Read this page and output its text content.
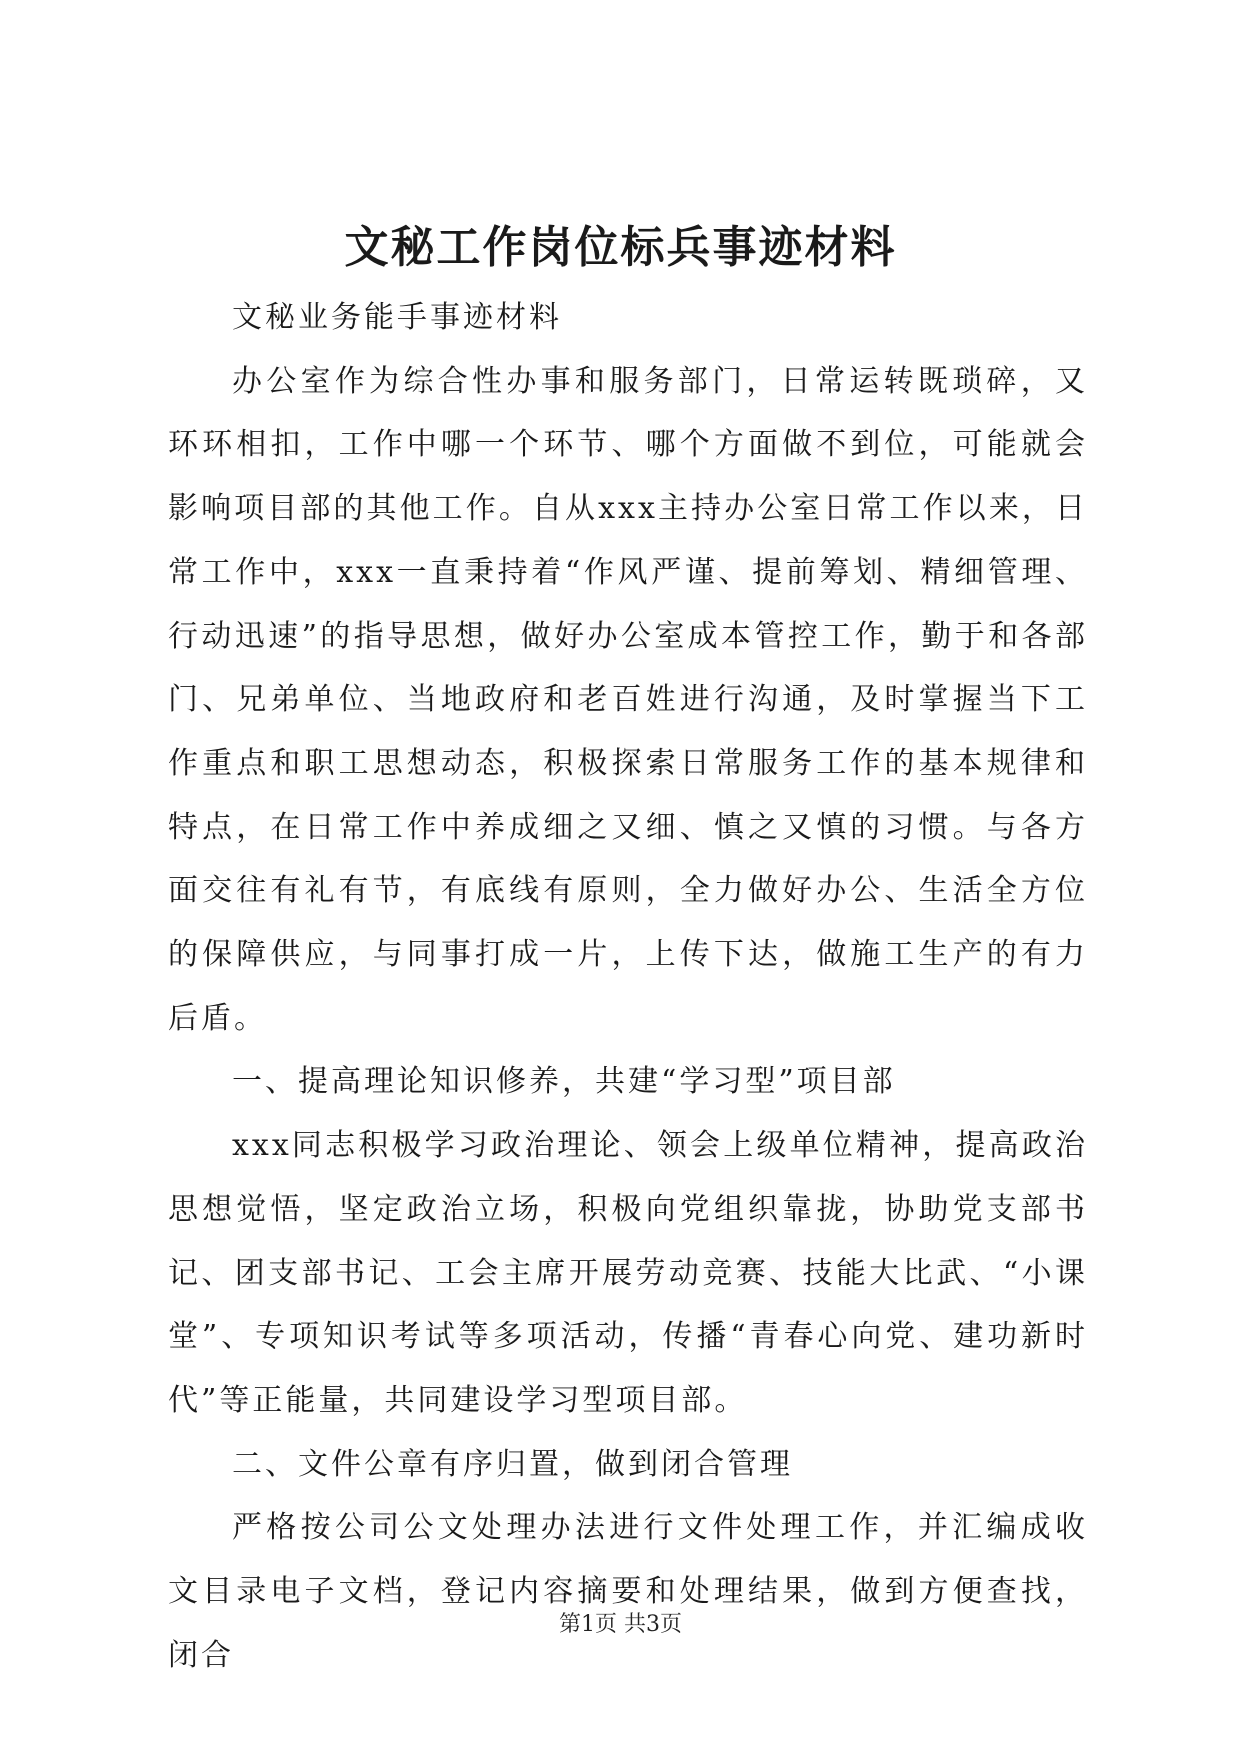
文秘工作岗位标兵事迹材料

文秘业务能手事迹材料

办公室作为综合性办事和服务部门，日常运转既琐碎，又环环相扣，工作中哪一个环节、哪个方面做不到位，可能就会影响项目部的其他工作。自从xxx主持办公室日常工作以来，日常工作中，xxx一直秉持着“作风严谨、提前筹划、精细管理、行动迅速”的指导思想，做好办公室成本管控工作，勤于和各部门、兄弟单位、当地政府和老百姓进行沟通，及时掌握当下工作重点和职工思想动态，积极探索日常服务工作的基本规律和特点，在日常工作中养成细之又细、慎之又慎的习惯。与各方面交往有礼有节，有底线有原则，全力做好办公、生活全方位的保障供应，与同事打成一片，上传下达，做施工生产的有力后盾。

一、提高理论知识修养，共建“学习型”项目部

xxx同志积极学习政治理论、领会上级单位精神，提高政治思想觉悟，坚定政治立场，积极向党组织靠拢，协助党支部书记、团支部书记、工会主席开展劳动竞赛、技能大比武、“小课堂”、专项知识考试等多项活动，传播“青春心向党、建功新时代”等正能量，共同建设学习型项目部。

二、文件公章有序归置，做到闭合管理

严格按公司公文处理办法进行文件处理工作，并汇编成收文目录电子文档，登记内容摘要和处理结果，做到方便查找，闭合

第1页 共3页
